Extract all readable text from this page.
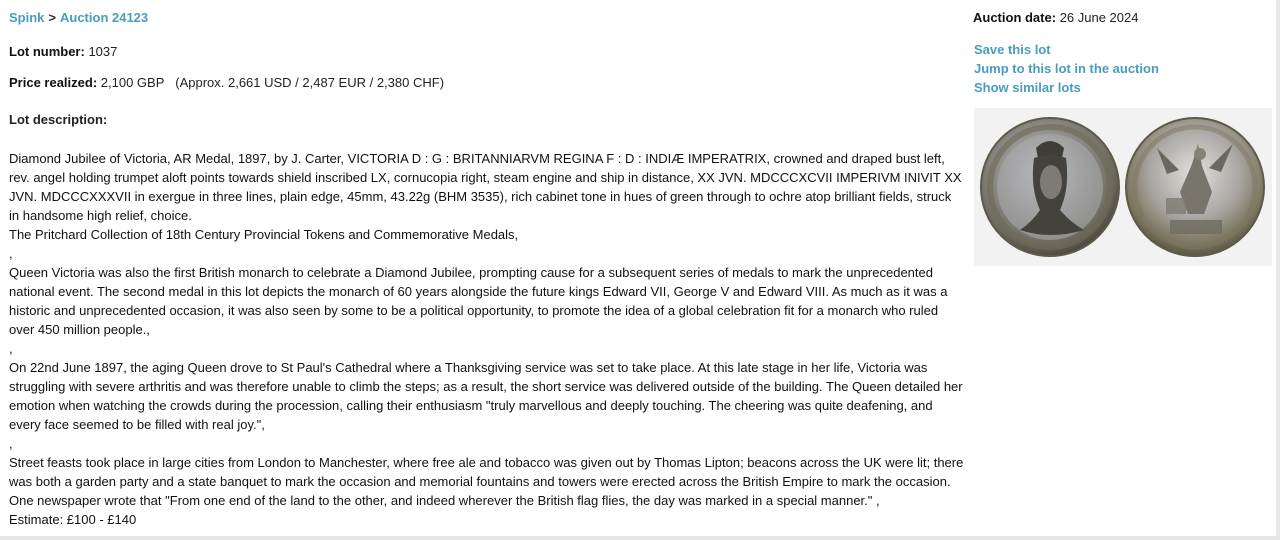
Spink > Auction 24123
Lot number: 1037
Price realized: 2,100 GBP (Approx. 2,661 USD / 2,487 EUR / 2,380 CHF)
Lot description:

Diamond Jubilee of Victoria, AR Medal, 1897, by J. Carter, VICTORIA D : G : BRITANNIARVM REGINA F : D : INDIÆ IMPERATRIX, crowned and draped bust left, rev. angel holding trumpet aloft points towards shield inscribed LX, cornucopia right, steam engine and ship in distance, XX JVN. MDCCCXCVII IMPERIVM INIVIT XX JVN. MDCCCXXXVII in exergue in three lines, plain edge, 45mm, 43.22g (BHM 3535), rich cabinet tone in hues of green through to ochre atop brilliant fields, struck in handsome high relief, choice.

The Pritchard Collection of 18th Century Provincial Tokens and Commemorative Medals,

,

Queen Victoria was also the first British monarch to celebrate a Diamond Jubilee, prompting cause for a subsequent series of medals to mark the unprecedented national event. The second medal in this lot depicts the monarch of 60 years alongside the future kings Edward VII, George V and Edward VIII. As much as it was a historic and unprecedented occasion, it was also seen by some to be a political opportunity, to promote the idea of a global celebration fit for a monarch who ruled over 450 million people.,

,

On 22nd June 1897, the aging Queen drove to St Paul's Cathedral where a Thanksgiving service was set to take place. At this late stage in her life, Victoria was struggling with severe arthritis and was therefore unable to climb the steps; as a result, the short service was delivered outside of the building. The Queen detailed her emotion when watching the crowds during the procession, calling their enthusiasm "truly marvellous and deeply touching. The cheering was quite deafening, and every face seemed to be filled with real joy.",

,

Street feasts took place in large cities from London to Manchester, where free ale and tobacco was given out by Thomas Lipton; beacons across the UK were lit; there was both a garden party and a state banquet to mark the occasion and memorial fountains and towers were erected across the British Empire to mark the occasion. One newspaper wrote that "From one end of the land to the other, and indeed wherever the British flag flies, the day was marked in a special manner." ,

Estimate: £100 - £140

Auction date: 26 June 2024
Save this lot
Jump to this lot in the auction
Show similar lots
